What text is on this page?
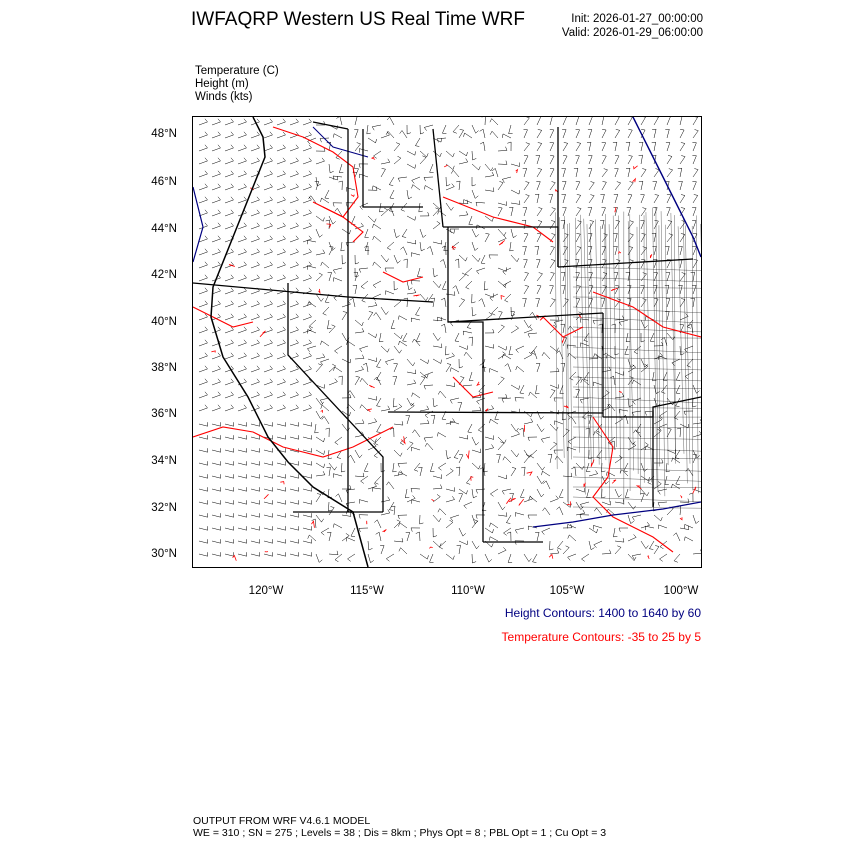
IWFAQRP Western US Real Time WRF	Init: 2026-01-27_00:00:00
Valid: 2026-01-29_06:00:00
Temperature (C)
Height (m)
Winds (kts)
48°N
46°N
44°N
42°N
40°N
38°N
36°N
34°N
32°N
30°N
120°W	115°W	110°W	105°W	100°W
Height Contours: 1400 to 1640 by 60
Temperature Contours: -35 to 25 by 5
OUTPUT FROM WRF V4.6.1 MODEL
WE = 310 ; SN = 275 ; Levels = 38 ; Dis = 8km ; Phys Opt = 8 ; PBL Opt = 1 ; Cu Opt = 3
